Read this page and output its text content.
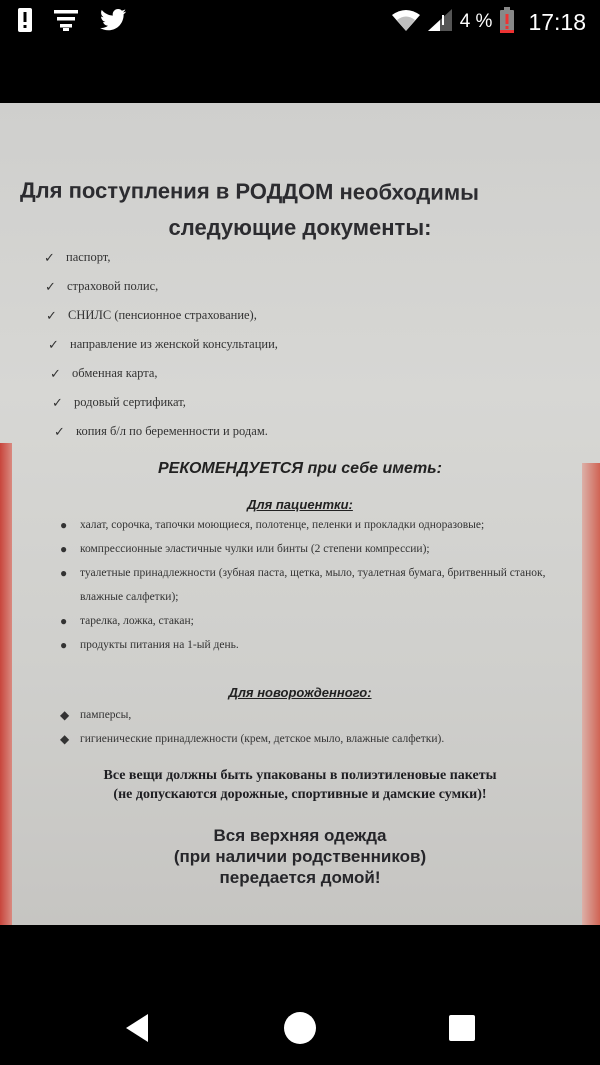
4 % 17:18
Для поступления в РОДДОМ необходимы
следующие документы:
✓ паспорт,
✓ страховой полис,
✓ СНИЛС (пенсионное страхование),
✓ направление из женской консультации,
✓ обменная карта,
✓ родовый сертификат,
✓ копия б/л по беременности и родам.
РЕКОМЕНДУЕТСЯ при себе иметь:
Для пациентки:
●	халат, сорочка, тапочки моющиеся, полотенце, пеленки и прокладки одноразовые;
●	компрессионные эластичные чулки или бинты (2 степени компрессии);
●	туалетные принадлежности (зубная паста, щетка, мыло, туалетная бумага, бритвенный станок, влажные салфетки);
●	тарелка, ложка, стакан;
●	продукты питания на 1-ый день.
Для новорожденного:
◆ памперсы,
◆ гигиенические принадлежности (крем, детское мыло, влажные салфетки).
Все вещи должны быть упакованы в полиэтиленовые пакеты
(не допускаются дорожные, спортивные и дамские сумки)!
Вся верхняя одежда
(при наличии родственников)
передается домой!
